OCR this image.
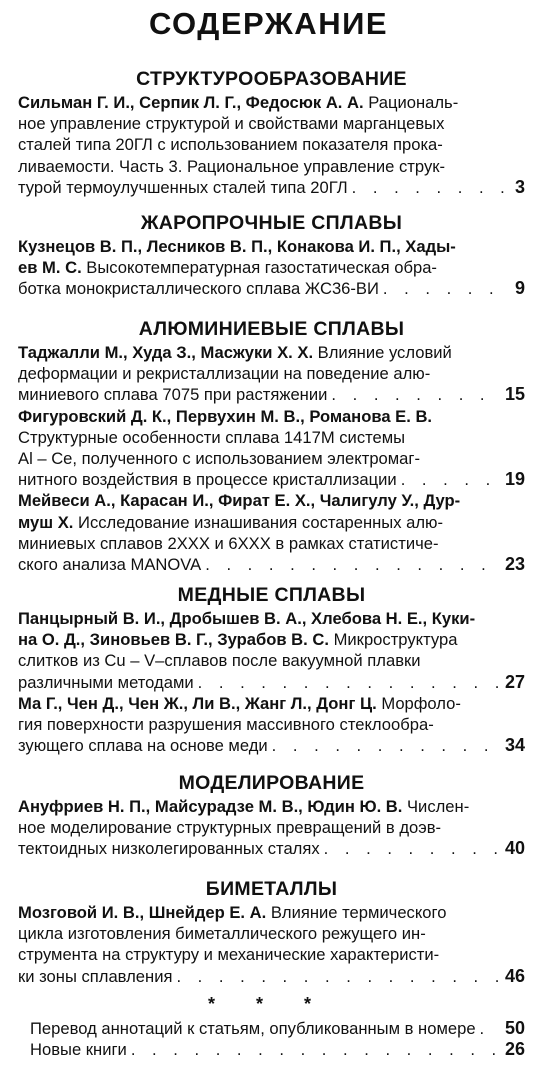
СОДЕРЖАНИЕ
СТРУКТУРООБРАЗОВАНИЕ
Сильман Г. И., Серпик Л. Г., Федосюк А. А. Рациональ-
ное управление структурой и свойствами марганцевых
сталей типа 20ГЛ с использованием показателя прока-
ливаемости. Часть 3. Рациональное управление струк-
турой термоулучшенных сталей типа 20ГЛ . . .	3
ЖАРОПРОЧНЫЕ СПЛАВЫ
Кузнецов В. П., Лесников В. П., Конакова И. П., Хады-
ев М. С. Высокотемпературная газостатическая обра-
ботка монокристаллического сплава ЖС36-ВИ . . .	9
АЛЮМИНИЕВЫЕ СПЛАВЫ
Таджалли М., Худа З., Масжуки Х. Х. Влияние условий
деформации и рекристаллизации на поведение алю-
миниевого сплава 7075 при растяжении . . .	15
Фигуровский Д. К., Первухин М. В., Романова Е. В.
Структурные особенности сплава 1417М системы
Al – Ce, полученного с использованием электромаг-
нитного воздействия в процессе кристаллизации . . .	19
Мейвеси А., Карасан И., Фират Е. Х., Чалигулу У., Дур-
муш Х. Исследование изнашивания состаренных алю-
миниевых сплавов 2XXX и 6XXX в рамках статистиче-
ского анализа MANOVA . . .	23
МЕДНЫЕ СПЛАВЫ
Панцырный В. И., Дробышев В. А., Хлебова Н. Е., Куки-
на О. Д., Зиновьев В. Г., Зурабов В. С. Микроструктура
слитков из Cu – V–сплавов после вакуумной плавки
различными методами . . .	27
Ма Г., Чен Д., Чен Ж., Ли В., Жанг Л., Донг Ц. Морфоло-
гия поверхности разрушения массивного стеклообра-
зующего сплава на основе меди . . .	34
МОДЕЛИРОВАНИЕ
Ануфриев Н. П., Майсурадзе М. В., Юдин Ю. В. Числен-
ное моделирование структурных превращений в доэв-
тектоидных низколегированных сталях . . .	40
БИМЕТАЛЛЫ
Мозговой И. В., Шнейдер Е. А. Влияние термического
цикла изготовления биметаллического режущего ин-
струмента на структуру и механические характеристи-
ки зоны сплавления . . .	46
* * *
Перевод аннотаций к статьям, опубликованным в номере . . . 50
Новые книги . . .	26
